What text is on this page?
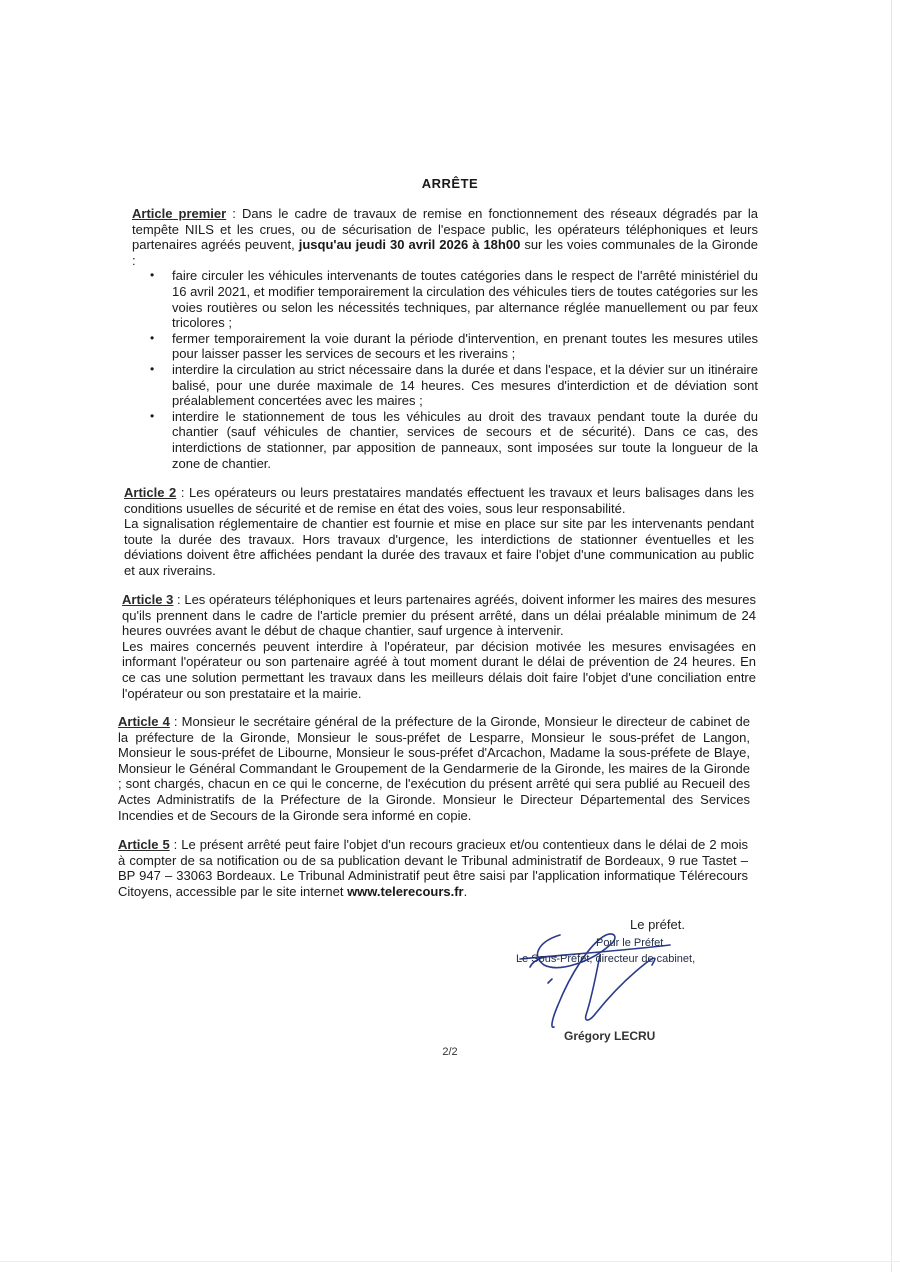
ARRÊTE

Article premier : Dans le cadre de travaux de remise en fonctionnement des réseaux dégradés par la tempête NILS et les crues, ou de sécurisation de l'espace public, les opérateurs téléphoniques et leurs partenaires agréés peuvent, jusqu'au jeudi 30 avril 2026 à 18h00 sur les voies communales de la Gironde :

• faire circuler les véhicules intervenants de toutes catégories dans le respect de l'arrêté ministériel du 16 avril 2021, et modifier temporairement la circulation des véhicules tiers de toutes catégories sur les voies routières ou selon les nécessités techniques, par alternance réglée manuellement ou par feux tricolores ;
• fermer temporairement la voie durant la période d'intervention, en prenant toutes les mesures utiles pour laisser passer les services de secours et les riverains ;
• interdire la circulation au strict nécessaire dans la durée et dans l'espace, et la dévier sur un itinéraire balisé, pour une durée maximale de 14 heures. Ces mesures d'interdiction et de déviation sont préalablement concertées avec les maires ;
• interdire le stationnement de tous les véhicules au droit des travaux pendant toute la durée du chantier (sauf véhicules de chantier, services de secours et de sécurité). Dans ce cas, des interdictions de stationner, par apposition de panneaux, sont imposées sur toute la longueur de la zone de chantier.

Article 2 : Les opérateurs ou leurs prestataires mandatés effectuent les travaux et leurs balisages dans les conditions usuelles de sécurité et de remise en état des voies, sous leur responsabilité.

La signalisation réglementaire de chantier est fournie et mise en place sur site par les intervenants pendant toute la durée des travaux. Hors travaux d'urgence, les interdictions de stationner éventuelles et les déviations doivent être affichées pendant la durée des travaux et faire l'objet d'une communication au public et aux riverains.

Article 3 : Les opérateurs téléphoniques et leurs partenaires agréés, doivent informer les maires des mesures qu'ils prennent dans le cadre de l'article premier du présent arrêté, dans un délai préalable minimum de 24 heures ouvrées avant le début de chaque chantier, sauf urgence à intervenir.

Les maires concernés peuvent interdire à l'opérateur, par décision motivée les mesures envisagées en informant l'opérateur ou son partenaire agréé à tout moment durant le délai de prévention de 24 heures. En ce cas une solution permettant les travaux dans les meilleurs délais doit faire l'objet d'une conciliation entre l'opérateur ou son prestataire et la mairie.

Article 4 : Monsieur le secrétaire général de la préfecture de la Gironde, Monsieur le directeur de cabinet de la préfecture de la Gironde, Monsieur le sous-préfet de Lesparre, Monsieur le sous-préfet de Langon, Monsieur le sous-préfet de Libourne, Monsieur le sous-préfet d'Arcachon, Madame la sous-préfete de Blaye, Monsieur le Général Commandant le Groupement de la Gendarmerie de la Gironde, les maires de la Gironde ; sont chargés, chacun en ce qui le concerne, de l'exécution du présent arrêté qui sera publié au Recueil des Actes Administratifs de la Préfecture de la Gironde. Monsieur le Directeur Départemental des Services Incendies et de Secours de la Gironde sera informé en copie.

Article 5 : Le présent arrêté peut faire l'objet d'un recours gracieux et/ou contentieux dans le délai de 2 mois à compter de sa notification ou de sa publication devant le Tribunal administratif de Bordeaux, 9 rue Tastet – BP 947 – 33063 Bordeaux. Le Tribunal Administratif peut être saisi par l'application informatique Télérecours Citoyens, accessible par le site internet www.telerecours.fr.

Le préfet.
Pour le Préfet
Le Sous-Préfet, directeur de cabinet,
Grégory LECRU
2/2
